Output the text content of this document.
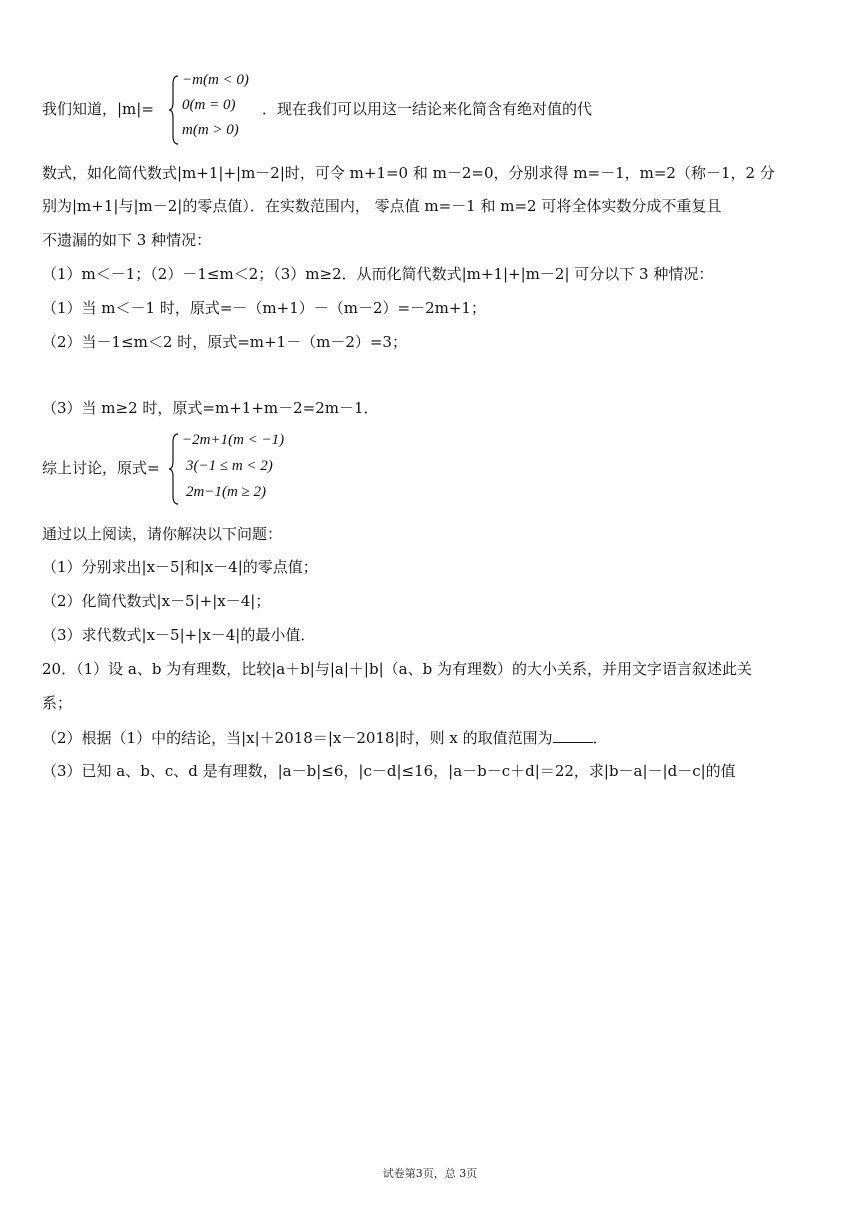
我们知道，|m|=
−m(m < 0)
0(m = 0)
m(m > 0)
．现在我们可以用这一结论来化简含有绝对值的代
数式，如化简代数式|m+1|+|m－2|时，可令 m+1=0 和 m－2=0，分别求得 m=－1，m=2（称－1，2 分
别为|m+1|与|m－2|的零点值）．在实数范围内， 零点值 m=－1 和 m=2 可将全体实数分成不重复且
不遗漏的如下 3 种情况：
（1）m＜－1；（2）－1≤m＜2；（3）m≥2．从而化简代数式|m+1|+|m－2| 可分以下 3 种情况：
（1）当 m＜－1 时，原式=－（m+1）－（m－2）=－2m+1；
（2）当－1≤m＜2 时，原式=m+1－（m－2）=3；
（3）当 m≥2 时，原式=m+1+m－2=2m－1．
综上讨论，原式=
−2m+1(m < −1)
3(−1 ≤ m < 2)
2m−1(m ≥ 2)
通过以上阅读，请你解决以下问题：
（1）分别求出|x－5|和|x－4|的零点值；
（2）化简代数式|x－5|+|x－4|；
（3）求代数式|x－5|+|x－4|的最小值．
20．（1）设 a、b 为有理数，比较|a＋b|与|a|＋|b|（a、b 为有理数）的大小关系，并用文字语言叙述此关
系；
（2）根据（1）中的结论，当|x|＋2018＝|x－2018|时，则 x 的取值范围为	．
（3）已知 a、b、c、d 是有理数，|a－b|≤6，|c－d|≤16，|a－b－c＋d|＝22，求|b－a|－|d－c|的值
试卷第3页，总 3页
